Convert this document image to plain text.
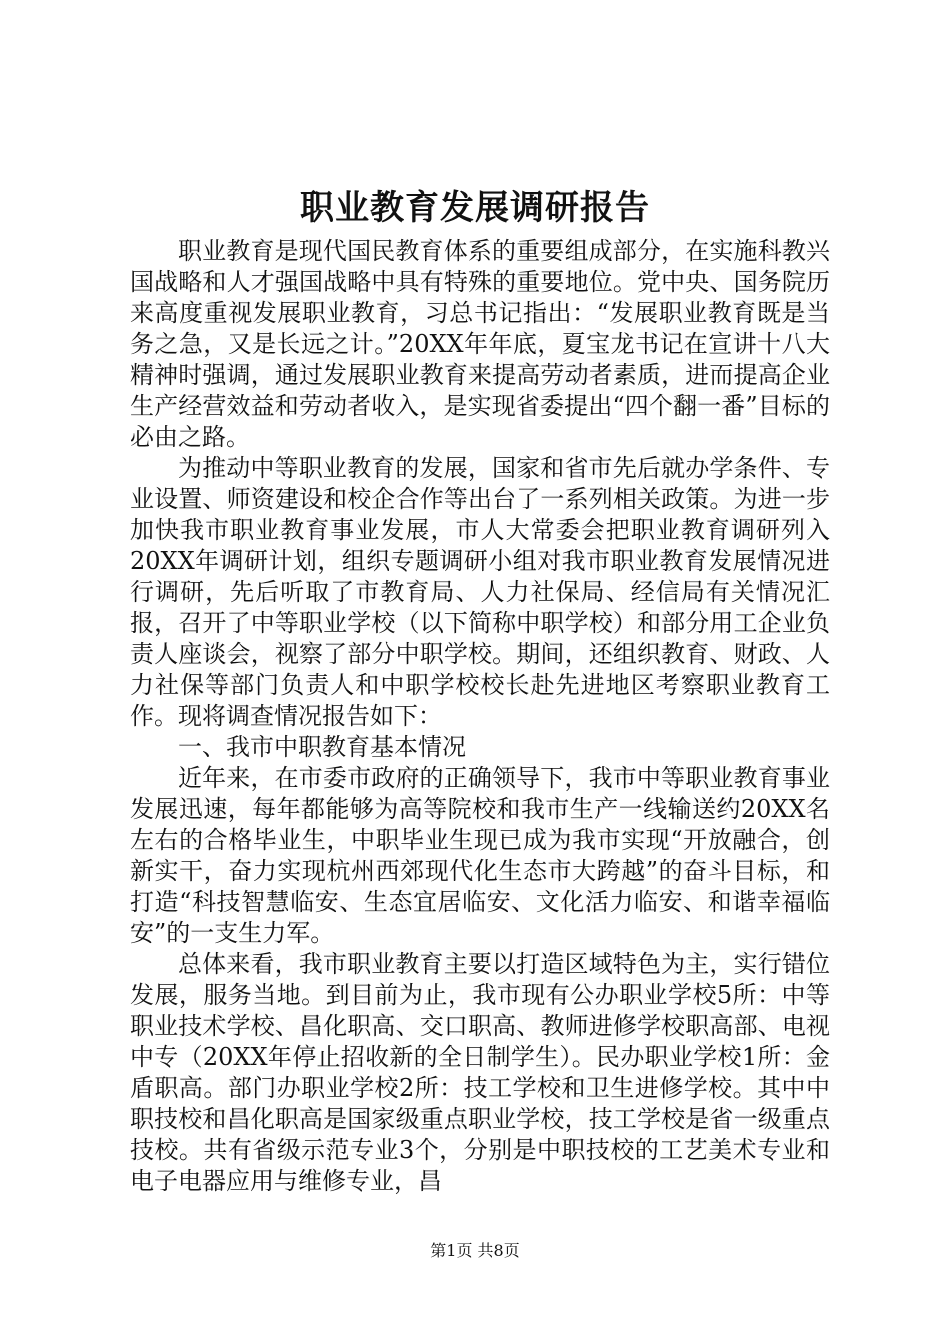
职业教育发展调研报告

职业教育是现代国民教育体系的重要组成部分，在实施科教兴国战略和人才强国战略中具有特殊的重要地位。党中央、国务院历来高度重视发展职业教育，习总书记指出：“发展职业教育既是当务之急，又是长远之计。”20XX年年底，夏宝龙书记在宣讲十八大精神时强调，通过发展职业教育来提高劳动者素质，进而提高企业生产经营效益和劳动者收入，是实现省委提出“四个翻一番”目标的必由之路。

为推动中等职业教育的发展，国家和省市先后就办学条件、专业设置、师资建设和校企合作等出台了一系列相关政策。为进一步加快我市职业教育事业发展，市人大常委会把职业教育调研列入20XX年调研计划，组织专题调研小组对我市职业教育发展情况进行调研，先后听取了市教育局、人力社保局、经信局有关情况汇报，召开了中等职业学校（以下简称中职学校）和部分用工企业负责人座谈会，视察了部分中职学校。期间，还组织教育、财政、人力社保等部门负责人和中职学校校长赴先进地区考察职业教育工作。现将调查情况报告如下：

一、我市中职教育基本情况

近年来，在市委市政府的正确领导下，我市中等职业教育事业发展迅速，每年都能够为高等院校和我市生产一线输送约20XX名左右的合格毕业生，中职毕业生现已成为我市实现“开放融合，创新实干，奋力实现杭州西郊现代化生态市大跨越”的奋斗目标，和打造“科技智慧临安、生态宜居临安、文化活力临安、和谐幸福临安”的一支生力军。

总体来看，我市职业教育主要以打造区域特色为主，实行错位发展，服务当地。到目前为止，我市现有公办职业学校5所：中等职业技术学校、昌化职高、交口职高、教师进修学校职高部、电视中专（20XX年停止招收新的全日制学生）。民办职业学校1所：金盾职高。部门办职业学校2所：技工学校和卫生进修学校。其中中职技校和昌化职高是国家级重点职业学校，技工学校是省一级重点技校。共有省级示范专业3个，分别是中职技校的工艺美术专业和电子电器应用与维修专业，昌

第1页 共8页
